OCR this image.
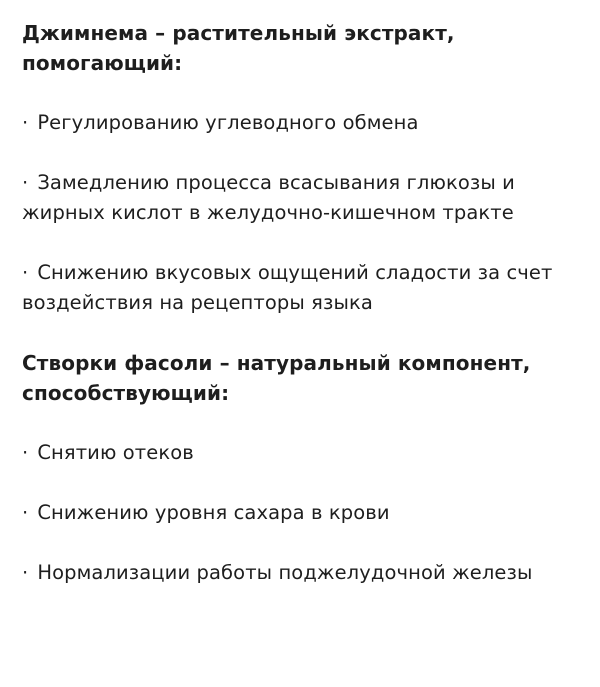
Джимнема – растительный экстракт, помогающий:
· Регулированию углеводного обмена
· Замедлению процесса всасывания глюкозы и жирных кислот в желудочно-кишечном тракте
· Снижению вкусовых ощущений сладости за счет воздействия на рецепторы языка
Створки фасоли – натуральный компонент, способствующий:
· Снятию отеков
· Снижению уровня сахара в крови
· Нормализации работы поджелудочной железы
